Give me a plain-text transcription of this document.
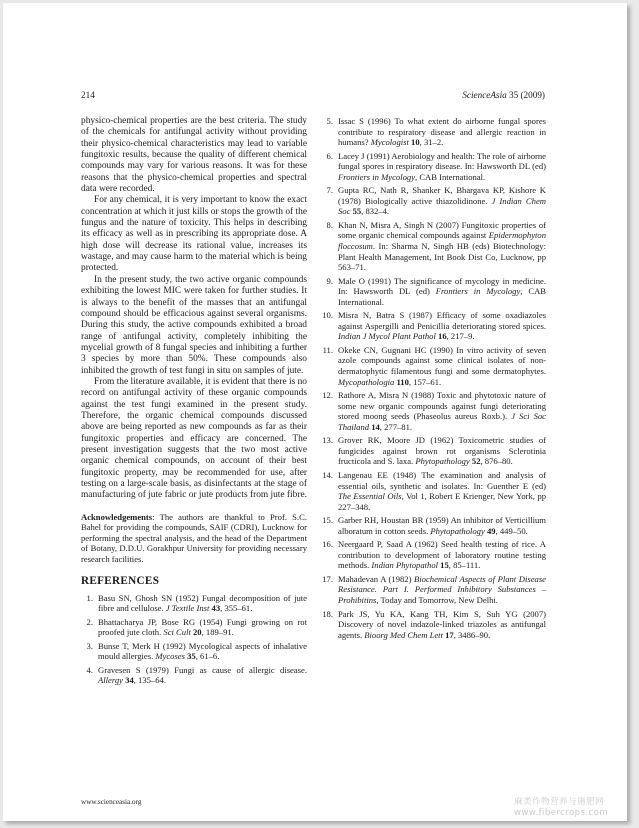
214	ScienceAsia 35 (2009)

physico-chemical properties are the best criteria. The study of the chemicals for antifungal activity without providing their physico-chemical characteristics may lead to variable fungitoxic results, because the quality of different chemical compounds may vary for various reasons. It was for these reasons that the physico-chemical properties and spectral data were recorded.

For any chemical, it is very important to know the exact concentration at which it just kills or stops the growth of the fungus and the nature of toxicity. This helps in describing its efficacy as well as in prescribing its appropriate dose. A high dose will decrease its rational value, increases its wastage, and may cause harm to the material which is being protected.

In the present study, the two active organic compounds exhibiting the lowest MIC were taken for further studies. It is always to the benefit of the masses that an antifungal compound should be efficacious against several organisms. During this study, the active compounds exhibited a broad range of antifungal activity, completely inhibiting the mycelial growth of 8 fungal species and inhibiting a further 3 species by more than 50%. These compounds also inhibited the growth of test fungi in situ on samples of jute.

From the literature available, it is evident that there is no record on antifungal activity of these organic compounds against the test fungi examined in the present study. Therefore, the organic chemical compounds discussed above are being reported as new compounds as far as their fungitoxic properties and efficacy are concerned. The present investigation suggests that the two most active organic chemical compounds, on account of their best fungitoxic property, may be recommended for use, after testing on a large-scale basis, as disinfectants at the stage of manufacturing of jute fabric or jute products from jute fibre.

Acknowledgements: The authors are thankful to Prof. S.C. Bahel for providing the compounds, SAIF (CDRI), Lucknow for performing the spectral analysis, and the head of the Department of Botany, D.D.U. Gorakhpur University for providing necessary research facilities.

REFERENCES
1. Basu SN, Ghosh SN (1952) Fungal decomposition of jute fibre and cellulose. J Textile Inst 43, 355–61.
2. Bhattacharya JP, Bose RG (1954) Fungi growing on rot proofed jute cloth. Sci Cult 20, 189–91.
3. Bunse T, Merk H (1992) Mycological aspects of inhalative mould allergies. Mycoses 35, 61–6.
4. Gravesen S (1979) Fungi as cause of allergic disease. Allergy 34, 135–64.
5. Issac S (1996) To what extent do airborne fungal spores contribute to respiratory disease and allergic reaction in humans? Mycologist 10, 31–2.
6. Lacey J (1991) Aerobiology and health: The role of airborne fungal spores in respiratory disease. In: Hawsworth DL (ed) Frontiers in Mycology, CAB International.
7. Gupta RC, Nath R, Shanker K, Bhargava KP, Kishore K (1978) Biologically active thiazolidinone. J Indian Chem Soc 55, 832–4.
8. Khan N, Misra A, Singh N (2007) Fungitoxic properties of some organic chemical compounds against Epidermophyton floccosum. In: Sharma N, Singh HB (eds) Biotechnology: Plant Health Management, Int Book Dist Co, Lucknow, pp 563–71.
9. Male O (1991) The significance of mycology in medicine. In: Hawsworth DL (ed) Frontiers in Mycology, CAB International.
10. Misra N, Batra S (1987) Efficacy of some oxadiazoles against Aspergilli and Penicillia deteriorating stored spices. Indian J Mycol Plant Pathol 16, 217–9.
11. Okeke CN, Gugnani HC (1990) In vitro activity of seven azole compounds against some clinical isolates of non-dermatophytic filamentous fungi and some dermatophytes. Mycopathologia 110, 157–61.
12. Rathore A, Misra N (1988) Toxic and phytotoxic nature of some new organic compounds against fungi deteriorating stored moong seeds (Phaseolus aureus Roxb.). J Sci Soc Thailand 14, 277–81.
13. Grover RK, Moore JD (1962) Toxicometric studies of fungicides against brown rot organisms Sclerotinia fructicola and S. laxa. Phytopathology 52, 876–80.
14. Langenau EE (1948) The examination and analysis of essential oils, synthetic and isolates. In: Guenther E (ed) The Essential Oils, Vol 1, Robert E Krienger, New York, pp 227–348.
15. Garber RH, Houstan BR (1959) An inhibitor of Verticillium alboratum in cotton seeds. Phytopathology 49, 449–50.
16. Neergaard P, Saad A (1962) Seed health testing of rice. A contribution to development of laboratory routine testing methods. Indian Phytopathol 15, 85–111.
17. Mahadevan A (1982) Biochemical Aspects of Plant Disease Resistance. Part I. Performed Inhibitory Substances – Prohibitins, Today and Tomorrow, New Delhi.
18. Park JS, Yu KA, Kang TH, Kim S, Suh YG (2007) Discovery of novel indazole-linked triazoles as antifungal agents. Bioorg Med Chem Lett 17, 3486–90.
www.scienceasia.org	麻类作物营养与施肥网
www.fibercrops.com
